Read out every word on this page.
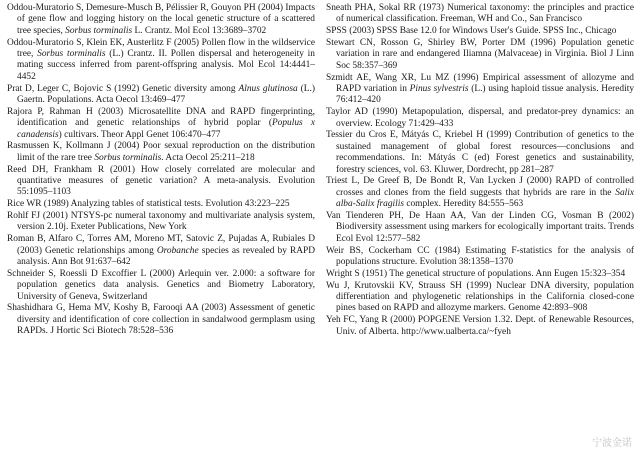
Oddou-Muratorio S, Demesure-Musch B, Pélissier R, Gouyon PH (2004) Impacts of gene flow and logging history on the local genetic structure of a scattered tree species, Sorbus torminalis L. Crantz. Mol Ecol 13:3689–3702

Oddou-Muratorio S, Klein EK, Austerlitz F (2005) Pollen flow in the wildservice tree, Sorbus torminalis (L.) Crantz. II. Pollen dispersal and heterogeneity in mating success inferred from parent-offspring analysis. Mol Ecol 14:4441–4452

Prat D, Leger C, Bojovic S (1992) Genetic diversity among Alnus glutinosa (L.) Gaertn. Populations. Acta Oecol 13:469–477

Rajora P, Rahman H (2003) Microsatellite DNA and RAPD fingerprinting, identification and genetic relationships of hybrid poplar (Populus x canadensis) cultivars. Theor Appl Genet 106:470–477

Rasmussen K, Kollmann J (2004) Poor sexual reproduction on the distribution limit of the rare tree Sorbus torminalis. Acta Oecol 25:211–218

Reed DH, Frankham R (2001) How closely correlated are molecular and quantitative measures of genetic variation? A meta-analysis. Evolution 55:1095–1103

Rice WR (1989) Analyzing tables of statistical tests. Evolution 43:223–225

Rohlf FJ (2001) NTSYS-pc numeral taxonomy and multivariate analysis system, version 2.10j. Exeter Publications, New York

Roman B, Alfaro C, Torres AM, Moreno MT, Satovic Z, Pujadas A, Rubiales D (2003) Genetic relationships among Orobanche species as revealed by RAPD analysis. Ann Bot 91:637–642

Schneider S, Roessli D Excoffier L (2000) Arlequin ver. 2.000: a software for population genetics data analysis. Genetics and Biometry Laboratory, University of Geneva, Switzerland

Shashidhara G, Hema MV, Koshy B, Farooqi AA (2003) Assessment of genetic diversity and identification of core collection in sandalwood germplasm using RAPDs. J Hortic Sci Biotech 78:528–536

Sneath PHA, Sokal RR (1973) Numerical taxonomy: the principles and practice of numerical classification. Freeman, WH and Co., San Francisco

SPSS (2003) SPSS Base 12.0 for Windows User's Guide. SPSS Inc., Chicago

Stewart CN, Rosson G, Shirley BW, Porter DM (1996) Population genetic variation in rare and endangered Iliamna (Malvaceae) in Virginia. Biol J Linn Soc 58:357–369

Szmidt AE, Wang XR, Lu MZ (1996) Empirical assessment of allozyme and RAPD variation in Pinus sylvestris (L.) using haploid tissue analysis. Heredity 76:412–420

Taylor AD (1990) Metapopulation, dispersal, and predator-prey dynamics: an overview. Ecology 71:429–433

Tessier du Cros E, Mátyás C, Kriebel H (1999) Contribution of genetics to the sustained management of global forest resources—conclusions and recommendations. In: Mátyás C (ed) Forest genetics and sustainability, forestry sciences, vol. 63. Kluwer, Dordrecht, pp 281–287

Triest L, De Greef B, De Bondt R, Van Lycken J (2000) RAPD of controlled crosses and clones from the field suggests that hybrids are rare in the Salix alba-Salix fragilis complex. Heredity 84:555–563

Van Tienderen PH, De Haan AA, Van der Linden CG, Vosman B (2002) Biodiversity assessment using markers for ecologically important traits. Trends Ecol Evol 12:577–582

Weir BS, Cockerham CC (1984) Estimating F-statistics for the analysis of populations structure. Evolution 38:1358–1370

Wright S (1951) The genetical structure of populations. Ann Eugen 15:323–354

Wu J, Krutovskii KV, Strauss SH (1999) Nuclear DNA diversity, population differentiation and phylogenetic relationships in the California closed-cone pines based on RAPD and allozyme markers. Genome 42:893–908

Yeh FC, Yang R (2000) POPGENE Version 1.32. Dept. of Renewable Resources, Univ. of Alberta. http://www.ualberta.ca/~fyeh

宁波金诺
